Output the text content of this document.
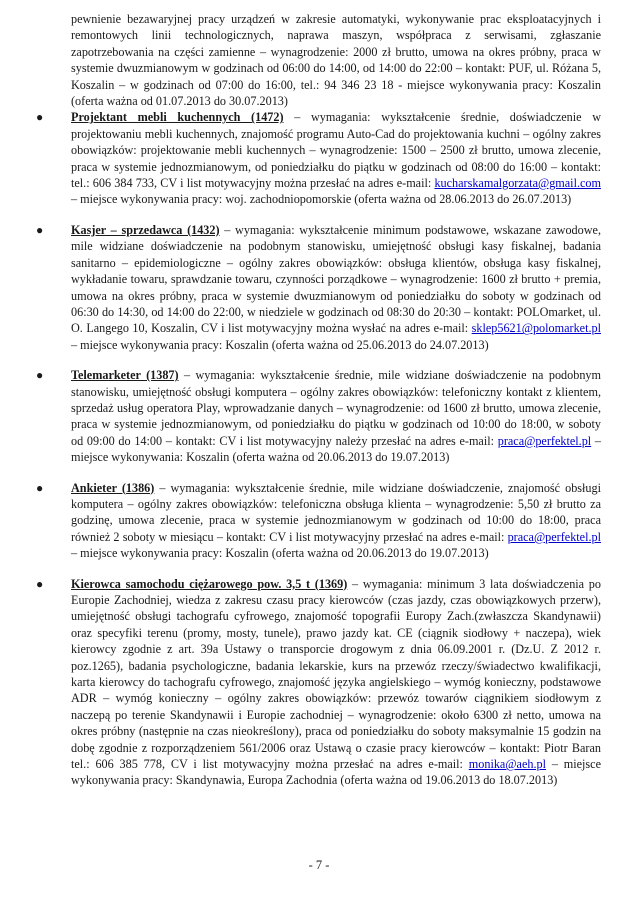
pewnienie bezawaryjnej pracy urządzeń w zakresie automatyki, wykonywanie prac eksploatacyjnych i remontowych linii technologicznych, naprawa maszyn, współpraca z serwisami, zgłaszanie zapotrzebowania na części zamienne – wynagrodzenie: 2000 zł brutto, umowa na okres próbny, praca w systemie dwuzmianowym w godzinach od 06:00 do 14:00, od 14:00 do 22:00 – kontakt: PUF, ul. Różana 5, Koszalin – w godzinach od 07:00 do 16:00, tel.: 94 346 23 18 - miejsce wykonywania pracy: Koszalin (oferta ważna od 01.07.2013 do 30.07.2013)

● Projektant mebli kuchennych (1472) – wymagania: wykształcenie średnie, doświadczenie w projektowaniu mebli kuchennych, znajomość programu Auto-Cad do projektowania kuchni – ogólny zakres obowiązków: projektowanie mebli kuchennych – wynagrodzenie: 1500 – 2500 zł brutto, umowa zlecenie, praca w systemie jednozmianowym, od poniedziałku do piątku w godzinach od 08:00 do 16:00 – kontakt: tel.: 606 384 733, CV i list motywacyjny można przesłać na adres e-mail: kucharskamalgorzata@gmail.com – miejsce wykonywania pracy: woj. zachodniopomorskie (oferta ważna od 28.06.2013 do 26.07.2013)

● Kasjer – sprzedawca (1432) – wymagania: wykształcenie minimum podstawowe, wskazane zawodowe, mile widziane doświadczenie na podobnym stanowisku, umiejętność obsługi kasy fiskalnej, badania sanitarno – epidemiologiczne – ogólny zakres obowiązków: obsługa klientów, obsługa kasy fiskalnej, wykładanie towaru, sprawdzanie towaru, czynności porządkowe – wynagrodzenie: 1600 zł brutto + premia, umowa na okres próbny, praca w systemie dwuzmianowym od poniedziałku do soboty w godzinach od 06:30 do 14:30, od 14:00 do 22:00, w niedziele w godzinach od 08:30 do 20:30 – kontakt: POLOmarket, ul. O. Langego 10, Koszalin, CV i list motywacyjny można wysłać na adres e-mail: sklep5621@polomarket.pl – miejsce wykonywania pracy: Koszalin (oferta ważna od 25.06.2013 do 24.07.2013)

● Telemarketer (1387) – wymagania: wykształcenie średnie, mile widziane doświadczenie na podobnym stanowisku, umiejętność obsługi komputera – ogólny zakres obowiązków: telefoniczny kontakt z klientem, sprzedaż usług operatora Play, wprowadzanie danych – wynagrodzenie: od 1600 zł brutto, umowa zlecenie, praca w systemie jednozmianowym, od poniedziałku do piątku w godzinach od 10:00 do 18:00, w soboty od 09:00 do 14:00 – kontakt: CV i list motywacyjny należy przesłać na adres e-mail: praca@perfektel.pl – miejsce wykonywania: Koszalin (oferta ważna od 20.06.2013 do 19.07.2013)

● Ankieter (1386) – wymagania: wykształcenie średnie, mile widziane doświadczenie, znajomość obsługi komputera – ogólny zakres obowiązków: telefoniczna obsługa klienta – wynagrodzenie: 5,50 zł brutto za godzinę, umowa zlecenie, praca w systemie jednozmianowym w godzinach od 10:00 do 18:00, praca również 2 soboty w miesiącu – kontakt: CV i list motywacyjny przesłać na adres e-mail: praca@perfektel.pl – miejsce wykonywania pracy: Koszalin (oferta ważna od 20.06.2013 do 19.07.2013)

● Kierowca samochodu ciężarowego pow. 3,5 t (1369) – wymagania: minimum 3 lata doświadczenia po Europie Zachodniej, wiedza z zakresu czasu pracy kierowców (czas jazdy, czas obowiązkowych przerw), umiejętność obsługi tachografu cyfrowego, znajomość topografii Europy Zach.(zwłaszcza Skandynawii) oraz specyfiki terenu (promy, mosty, tunele), prawo jazdy kat. CE (ciągnik siodłowy + naczepa), wiek kierowcy zgodnie z art. 39a Ustawy o transporcie drogowym z dnia 06.09.2001 r. (Dz.U. Z 2012 r. poz.1265), badania psychologiczne, badania lekarskie, kurs na przewóz rzeczy/świadectwo kwalifikacji, karta kierowcy do tachografu cyfrowego, znajomość języka angielskiego – wymóg konieczny, podstawowe ADR – wymóg konieczny – ogólny zakres obowiązków: przewóz towarów ciągnikiem siodłowym z naczepą po terenie Skandynawii i Europie zachodniej – wynagrodzenie: około 6300 zł netto, umowa na okres próbny (następnie na czas nieokreślony), praca od poniedziałku do soboty maksymalnie 15 godzin na dobę zgodnie z rozporządzeniem 561/2006 oraz Ustawą o czasie pracy kierowców – kontakt: Piotr Baran tel.: 606 385 778, CV i list motywacyjny można przesłać na adres e-mail: monika@aeh.pl – miejsce wykonywania pracy: Skandynawia, Europa Zachodnia (oferta ważna od 19.06.2013 do 18.07.2013)

- 7 -
